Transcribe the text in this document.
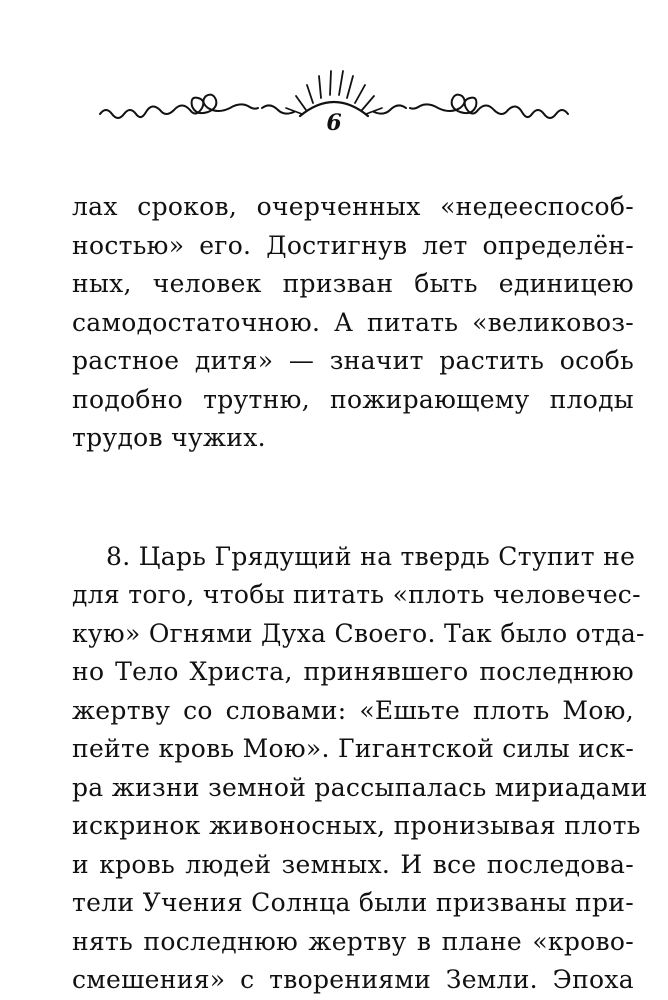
6

лах сроков, очерченных «недееспособ-
ностью» его. Достигнув лет определён-
ных, человек призван быть единицею
самодостаточною. А питать «великовоз-
растное дитя» — значит растить особь
подобно трутню, пожирающему плоды
трудов чужих.

8. Царь Грядущий на твердь Ступит не
для того, чтобы питать «плоть человечес-
кую» Огнями Духа Своего. Так было отда-
но Тело Христа, принявшего последнюю
жертву со словами: «Ешьте плоть Мою,
пейте кровь Мою». Гигантской силы иск-
ра жизни земной рассыпалась мириадами
искринок живоносных, пронизывая плоть
и кровь людей земных. И все последова-
тели Учения Солнца были призваны при-
нять последнюю жертву в плане «крово-
смешения» с творениями Земли. Эпоха
